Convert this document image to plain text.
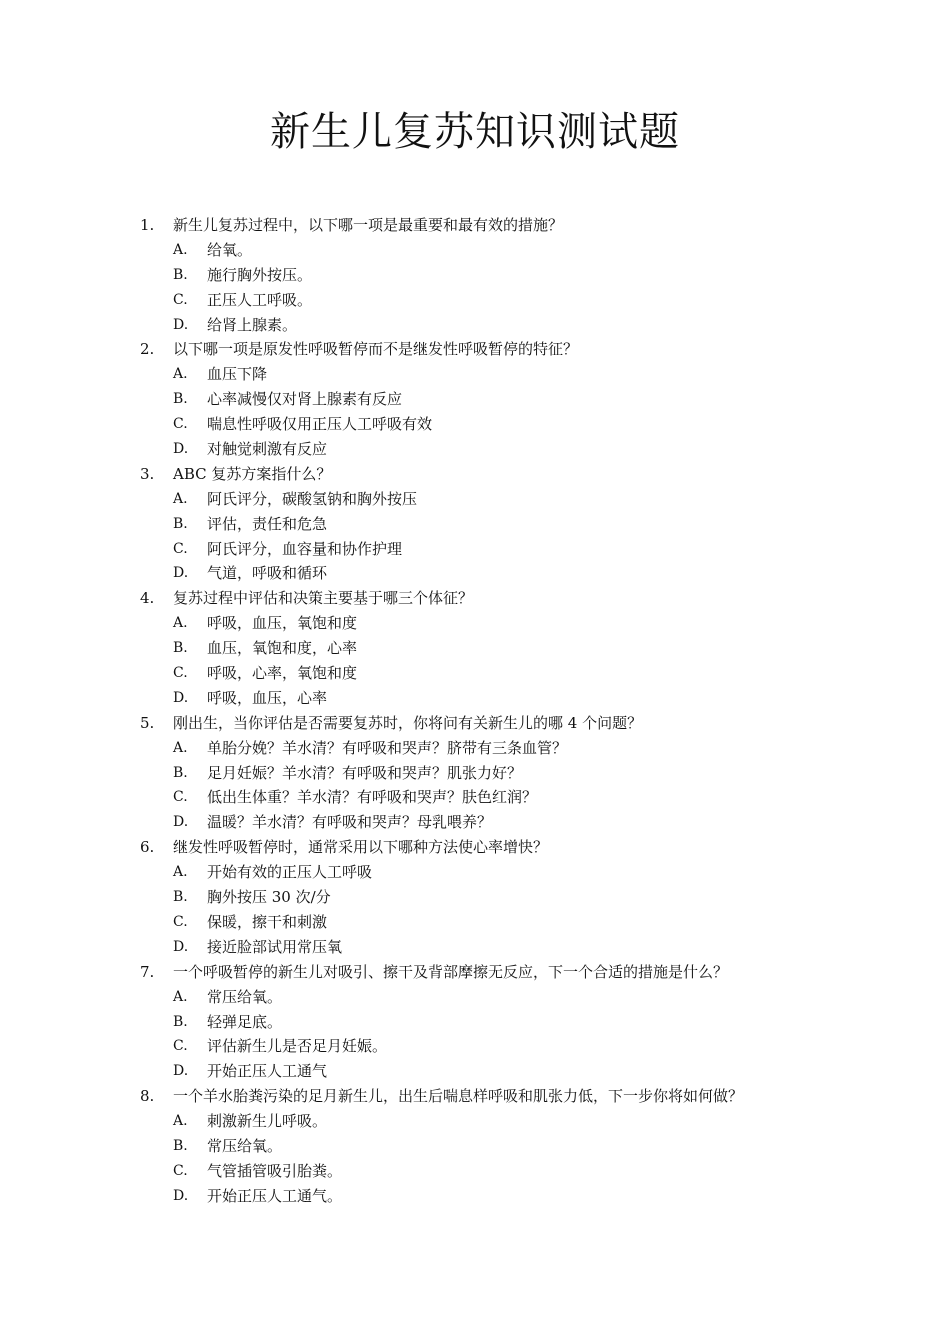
新生儿复苏知识测试题
1.	新生儿复苏过程中，以下哪一项是最重要和最有效的措施？
A.	给氧。
B.	施行胸外按压。
C.	正压人工呼吸。
D.	给肾上腺素。
2.	以下哪一项是原发性呼吸暂停而不是继发性呼吸暂停的特征？
A.	血压下降
B.	心率减慢仅对肾上腺素有反应
C.	喘息性呼吸仅用正压人工呼吸有效
D.	对触觉刺激有反应
3.	ABC 复苏方案指什么？
A.	阿氏评分，碳酸氢钠和胸外按压
B.	评估，责任和危急
C.	阿氏评分，血容量和协作护理
D.	气道，呼吸和循环
4.	复苏过程中评估和决策主要基于哪三个体征？
A.	呼吸，血压，氧饱和度
B.	血压，氧饱和度，心率
C.	呼吸，心率，氧饱和度
D.	呼吸，血压，心率
5.	刚出生，当你评估是否需要复苏时，你将问有关新生儿的哪 4 个问题？
A.	单胎分娩？羊水清？有呼吸和哭声？脐带有三条血管？
B.	足月妊娠？羊水清？有呼吸和哭声？肌张力好？
C.	低出生体重？羊水清？有呼吸和哭声？肤色红润？
D.	温暖？羊水清？有呼吸和哭声？母乳喂养？
6.	继发性呼吸暂停时，通常采用以下哪种方法使心率增快？
A.	开始有效的正压人工呼吸
B.	胸外按压 30 次/分
C.	保暖，擦干和刺激
D.	接近脸部试用常压氧
7.	一个呼吸暂停的新生儿对吸引、擦干及背部摩擦无反应，下一个合适的措施是什么？
A.	常压给氧。
B.	轻弹足底。
C.	评估新生儿是否足月妊娠。
D.	开始正压人工通气
8.	一个羊水胎粪污染的足月新生儿，出生后喘息样呼吸和肌张力低，下一步你将如何做？
A.	刺激新生儿呼吸。
B.	常压给氧。
C.	气管插管吸引胎粪。
D.	开始正压人工通气。
